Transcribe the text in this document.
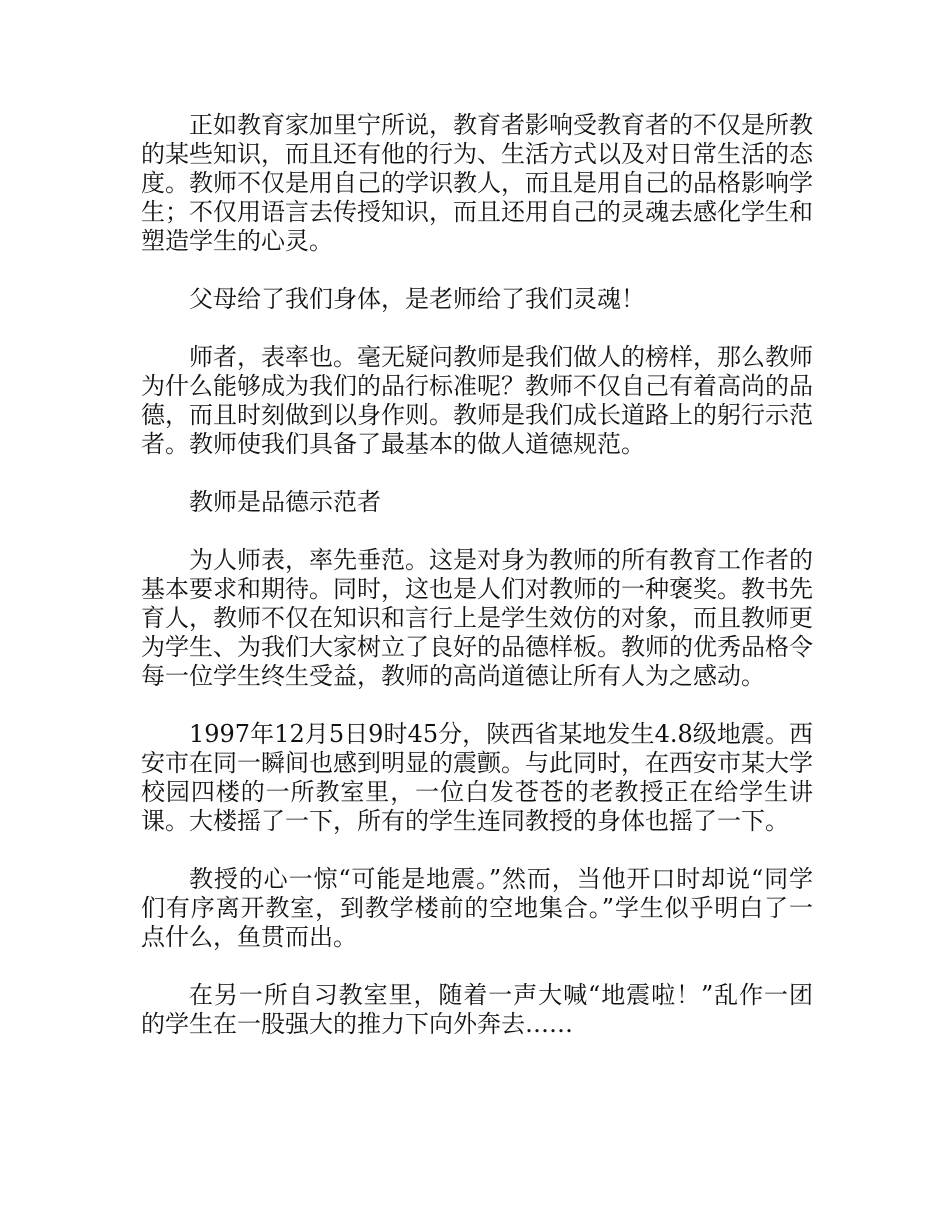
正如教育家加里宁所说，教育者影响受教育者的不仅是所教的某些知识，而且还有他的行为、生活方式以及对日常生活的态度。教师不仅是用自己的学识教人，而且是用自己的品格影响学生；不仅用语言去传授知识，而且还用自己的灵魂去感化学生和塑造学生的心灵。

父母给了我们身体，是老师给了我们灵魂！

师者，表率也。毫无疑问教师是我们做人的榜样，那么教师为什么能够成为我们的品行标准呢？教师不仅自己有着高尚的品德，而且时刻做到以身作则。教师是我们成长道路上的躬行示范者。教师使我们具备了最基本的做人道德规范。

教师是品德示范者

为人师表，率先垂范。这是对身为教师的所有教育工作者的基本要求和期待。同时，这也是人们对教师的一种褒奖。教书先育人，教师不仅在知识和言行上是学生效仿的对象，而且教师更为学生、为我们大家树立了良好的品德样板。教师的优秀品格令每一位学生终生受益，教师的高尚道德让所有人为之感动。

1997年12月5日9时45分，陕西省某地发生4.8级地震。西安市在同一瞬间也感到明显的震颤。与此同时，在西安市某大学校园四楼的一所教室里，一位白发苍苍的老教授正在给学生讲课。大楼摇了一下，所有的学生连同教授的身体也摇了一下。

教授的心一惊“可能是地震。”然而，当他开口时却说“同学们有序离开教室，到教学楼前的空地集合。”学生似乎明白了一点什么，鱼贯而出。

在另一所自习教室里，随着一声大喊“地震啦！”乱作一团的学生在一股强大的推力下向外奔去……
